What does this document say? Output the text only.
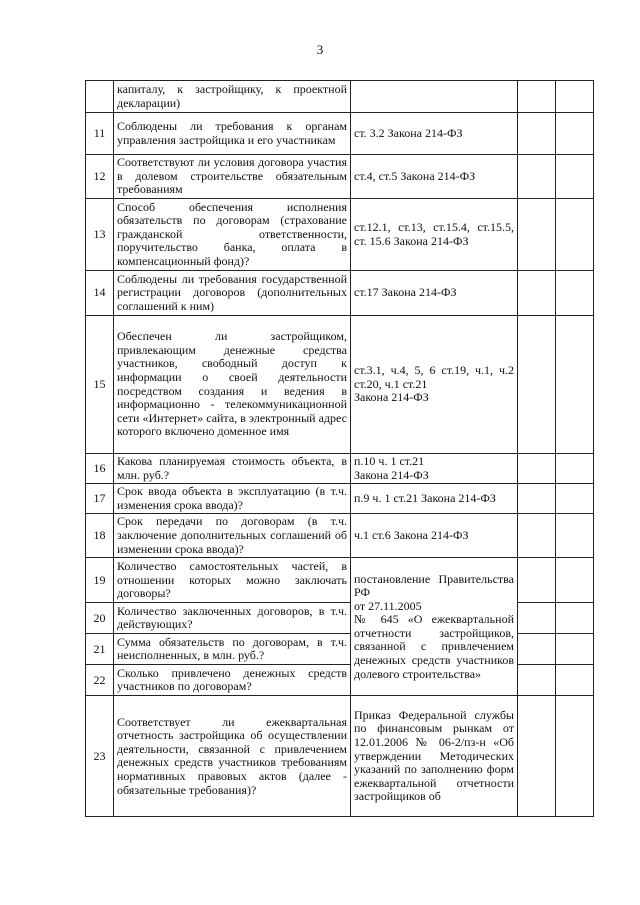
3
	капиталу, к застройщику, к проектной декларации)			
11	Соблюдены ли требования к органам управления застройщика и его участникам	ст. 3.2 Закона 214-ФЗ		
12	Соответствуют ли условия договора участия в долевом строительстве обязательным требованиям	ст.4, ст.5 Закона 214-ФЗ		
13	Способ обеспечения исполнения обязательств по договорам (страхование гражданской ответственности, поручительство банка, оплата в компенсационный фонд)?	ст.12.1, ст.13, ст.15.4, ст.15.5, ст. 15.6 Закона 214-ФЗ		
14	Соблюдены ли требования государственной регистрации договоров (дополнительных соглашений к ним)	ст.17 Закона 214-ФЗ		
15	Обеспечен ли застройщиком, привлекающим денежные средства участников, свободный доступ к информации о своей деятельности посредством создания и ведения в информационно - телекоммуникационной сети «Интернет» сайта, в электронный адрес которого включено доменное имя	ст.3.1, ч.4, 5, 6 ст.19, ч.1, ч.2 ст.20, ч.1 ст.21
Закона 214-ФЗ		
16	Какова планируемая стоимость объекта, в млн. руб.?	п.10 ч. 1 ст.21
Закона 214-ФЗ		
17	Срок ввода объекта в эксплуатацию (в т.ч. изменения срока ввода)?	п.9 ч. 1 ст.21 Закона 214-ФЗ		
18	Срок передачи по договорам (в т.ч. заключение дополнительных соглашений об изменении срока ввода)?	ч.1 ст.6 Закона 214-ФЗ		
19	Количество самостоятельных частей, в отношении которых можно заключать договоры?	постановление Правительства РФ
от 27.11.2005
№ 645 «О ежеквартальной отчетности застройщиков, связанной с привлечением денежных средств участников долевого строительства»		
20	Количество заключенных договоров, в т.ч. действующих?			
21	Сумма обязательств по договорам, в т.ч. неисполненных, в млн. руб.?			
22	Сколько привлечено денежных средств участников по договорам?			
23	Соответствует ли ежеквартальная отчетность застройщика об осуществлении деятельности, связанной с привлечением денежных средств участников требованиям нормативных правовых актов (далее - обязательные требования)?	Приказ Федеральной службы по финансовым рынкам от 12.01.2006 № 06-2/пз-н «Об утверждении Методических указаний по заполнению форм ежеквартальной отчетности застройщиков об		
